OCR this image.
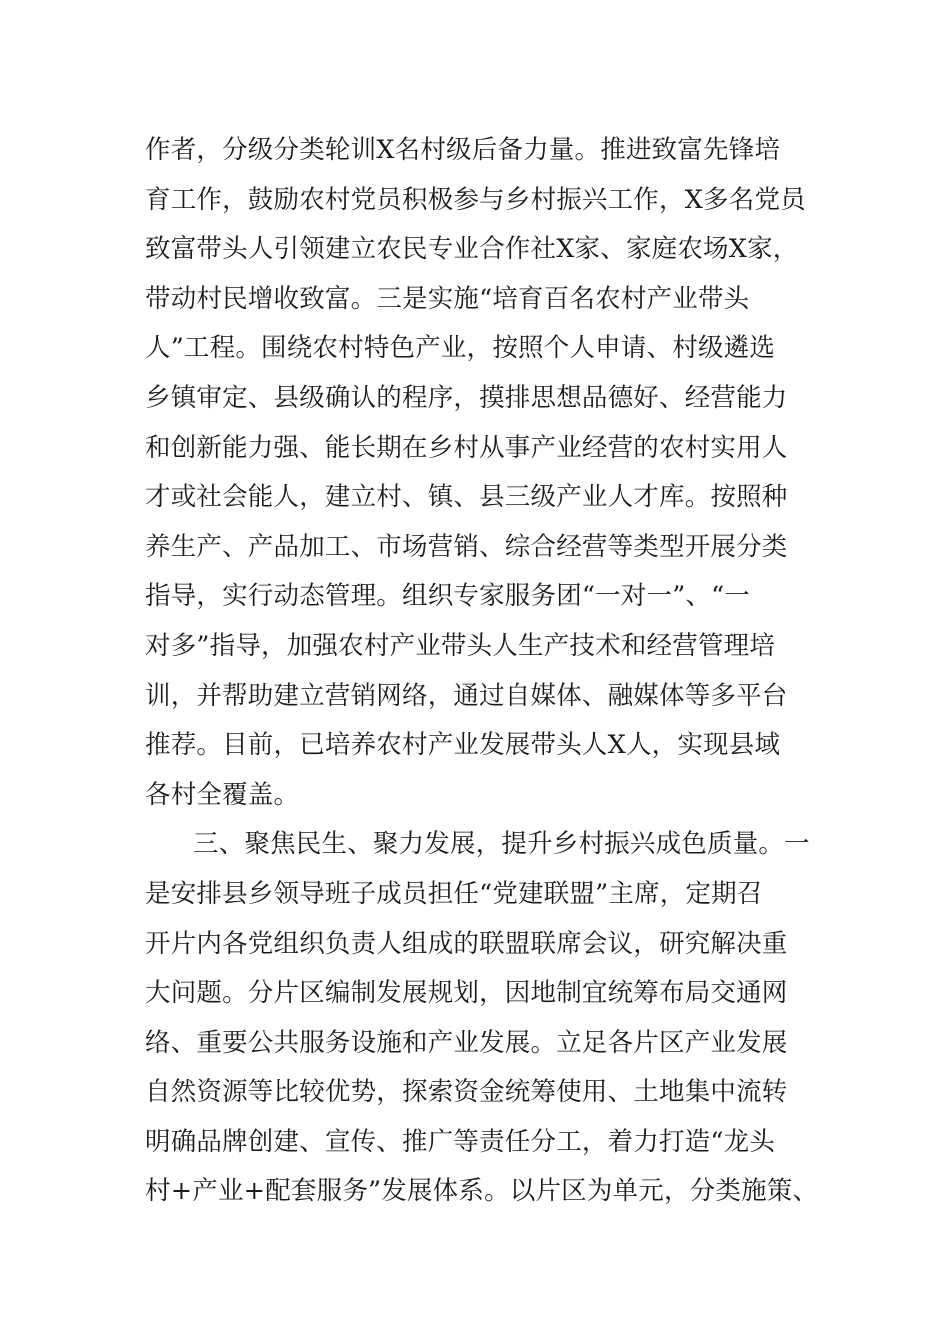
作者，分级分类轮训X名村级后备力量。推进致富先锋培
育工作，鼓励农村党员积极参与乡村振兴工作，X多名党员
致富带头人引领建立农民专业合作社X家、家庭农场X家，
带动村民增收致富。三是实施“培育百名农村产业带头
人”工程。围绕农村特色产业，按照个人申请、村级遴选
乡镇审定、县级确认的程序，摸排思想品德好、经营能力
和创新能力强、能长期在乡村从事产业经营的农村实用人
才或社会能人，建立村、镇、县三级产业人才库。按照种
养生产、产品加工、市场营销、综合经营等类型开展分类
指导，实行动态管理。组织专家服务团“一对一”、“一
对多”指导，加强农村产业带头人生产技术和经营管理培
训，并帮助建立营销网络，通过自媒体、融媒体等多平台
推荐。目前，已培养农村产业发展带头人X人，实现县域
各村全覆盖。
三、聚焦民生、聚力发展，提升乡村振兴成色质量。一
是安排县乡领导班子成员担任“党建联盟”主席，定期召
开片内各党组织负责人组成的联盟联席会议，研究解决重
大问题。分片区编制发展规划，因地制宜统筹布局交通网
络、重要公共服务设施和产业发展。立足各片区产业发展
自然资源等比较优势，探索资金统筹使用、土地集中流转
明确品牌创建、宣传、推广等责任分工，着力打造“龙头
村+产业+配套服务”发展体系。以片区为单元，分类施策、
